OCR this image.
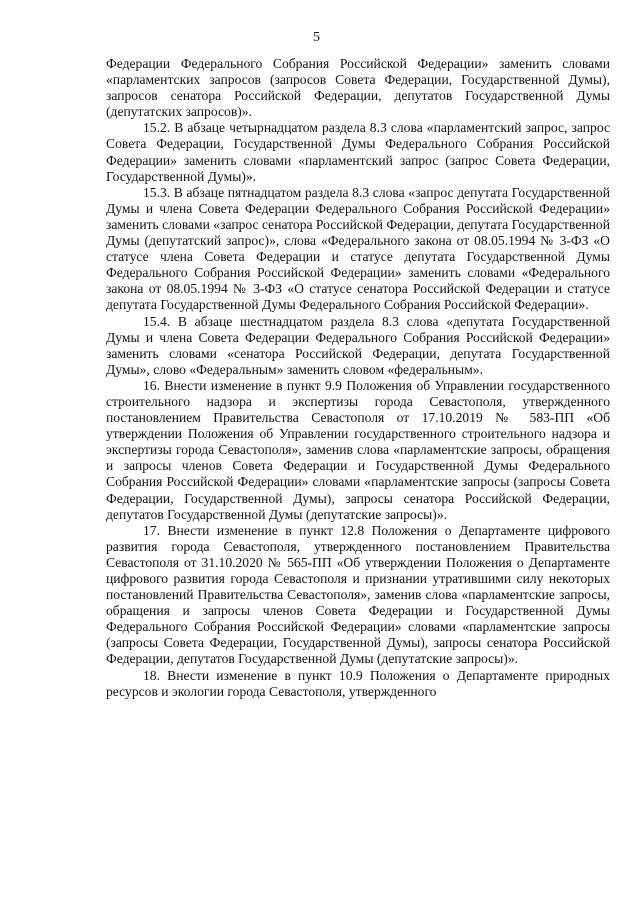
5

Федерации Федерального Собрания Российской Федерации» заменить словами «парламентских запросов (запросов Совета Федерации, Государственной Думы), запросов сенатора Российской Федерации, депутатов Государственной Думы (депутатских запросов)».

15.2. В абзаце четырнадцатом раздела 8.3 слова «парламентский запрос, запрос Совета Федерации, Государственной Думы Федерального Собрания Российской Федерации» заменить словами «парламентский запрос (запрос Совета Федерации, Государственной Думы)».

15.3. В абзаце пятнадцатом раздела 8.3 слова «запрос депутата Государственной Думы и члена Совета Федерации Федерального Собрания Российской Федерации» заменить словами «запрос сенатора Российской Федерации, депутата Государственной Думы (депутатский запрос)», слова «Федерального закона от 08.05.1994 № 3-ФЗ «О статусе члена Совета Федерации и статусе депутата Государственной Думы Федерального Собрания Российской Федерации» заменить словами «Федерального закона от 08.05.1994 № 3-ФЗ «О статусе сенатора Российской Федерации и статусе депутата Государственной Думы Федерального Собрания Российской Федерации».

15.4. В абзаце шестнадцатом раздела 8.3 слова «депутата Государственной Думы и члена Совета Федерации Федерального Собрания Российской Федерации» заменить словами «сенатора Российской Федерации, депутата Государственной Думы», слово «Федеральным» заменить словом «федеральным».

16. Внести изменение в пункт 9.9 Положения об Управлении государственного строительного надзора и экспертизы города Севастополя, утвержденного постановлением Правительства Севастополя от 17.10.2019 № 583-ПП «Об утверждении Положения об Управлении государственного строительного надзора и экспертизы города Севастополя», заменив слова «парламентские запросы, обращения и запросы членов Совета Федерации и Государственной Думы Федерального Собрания Российской Федерации» словами «парламентские запросы (запросы Совета Федерации, Государственной Думы), запросы сенатора Российской Федерации, депутатов Государственной Думы (депутатские запросы)».

17. Внести изменение в пункт 12.8 Положения о Департаменте цифрового развития города Севастополя, утвержденного постановлением Правительства Севастополя от 31.10.2020 № 565-ПП «Об утверждении Положения о Департаменте цифрового развития города Севастополя и признании утратившими силу некоторых постановлений Правительства Севастополя», заменив слова «парламентские запросы, обращения и запросы членов Совета Федерации и Государственной Думы Федерального Собрания Российской Федерации» словами «парламентские запросы (запросы Совета Федерации, Государственной Думы), запросы сенатора Российской Федерации, депутатов Государственной Думы (депутатские запросы)».

18. Внести изменение в пункт 10.9 Положения о Департаменте природных ресурсов и экологии города Севастополя, утвержденного
